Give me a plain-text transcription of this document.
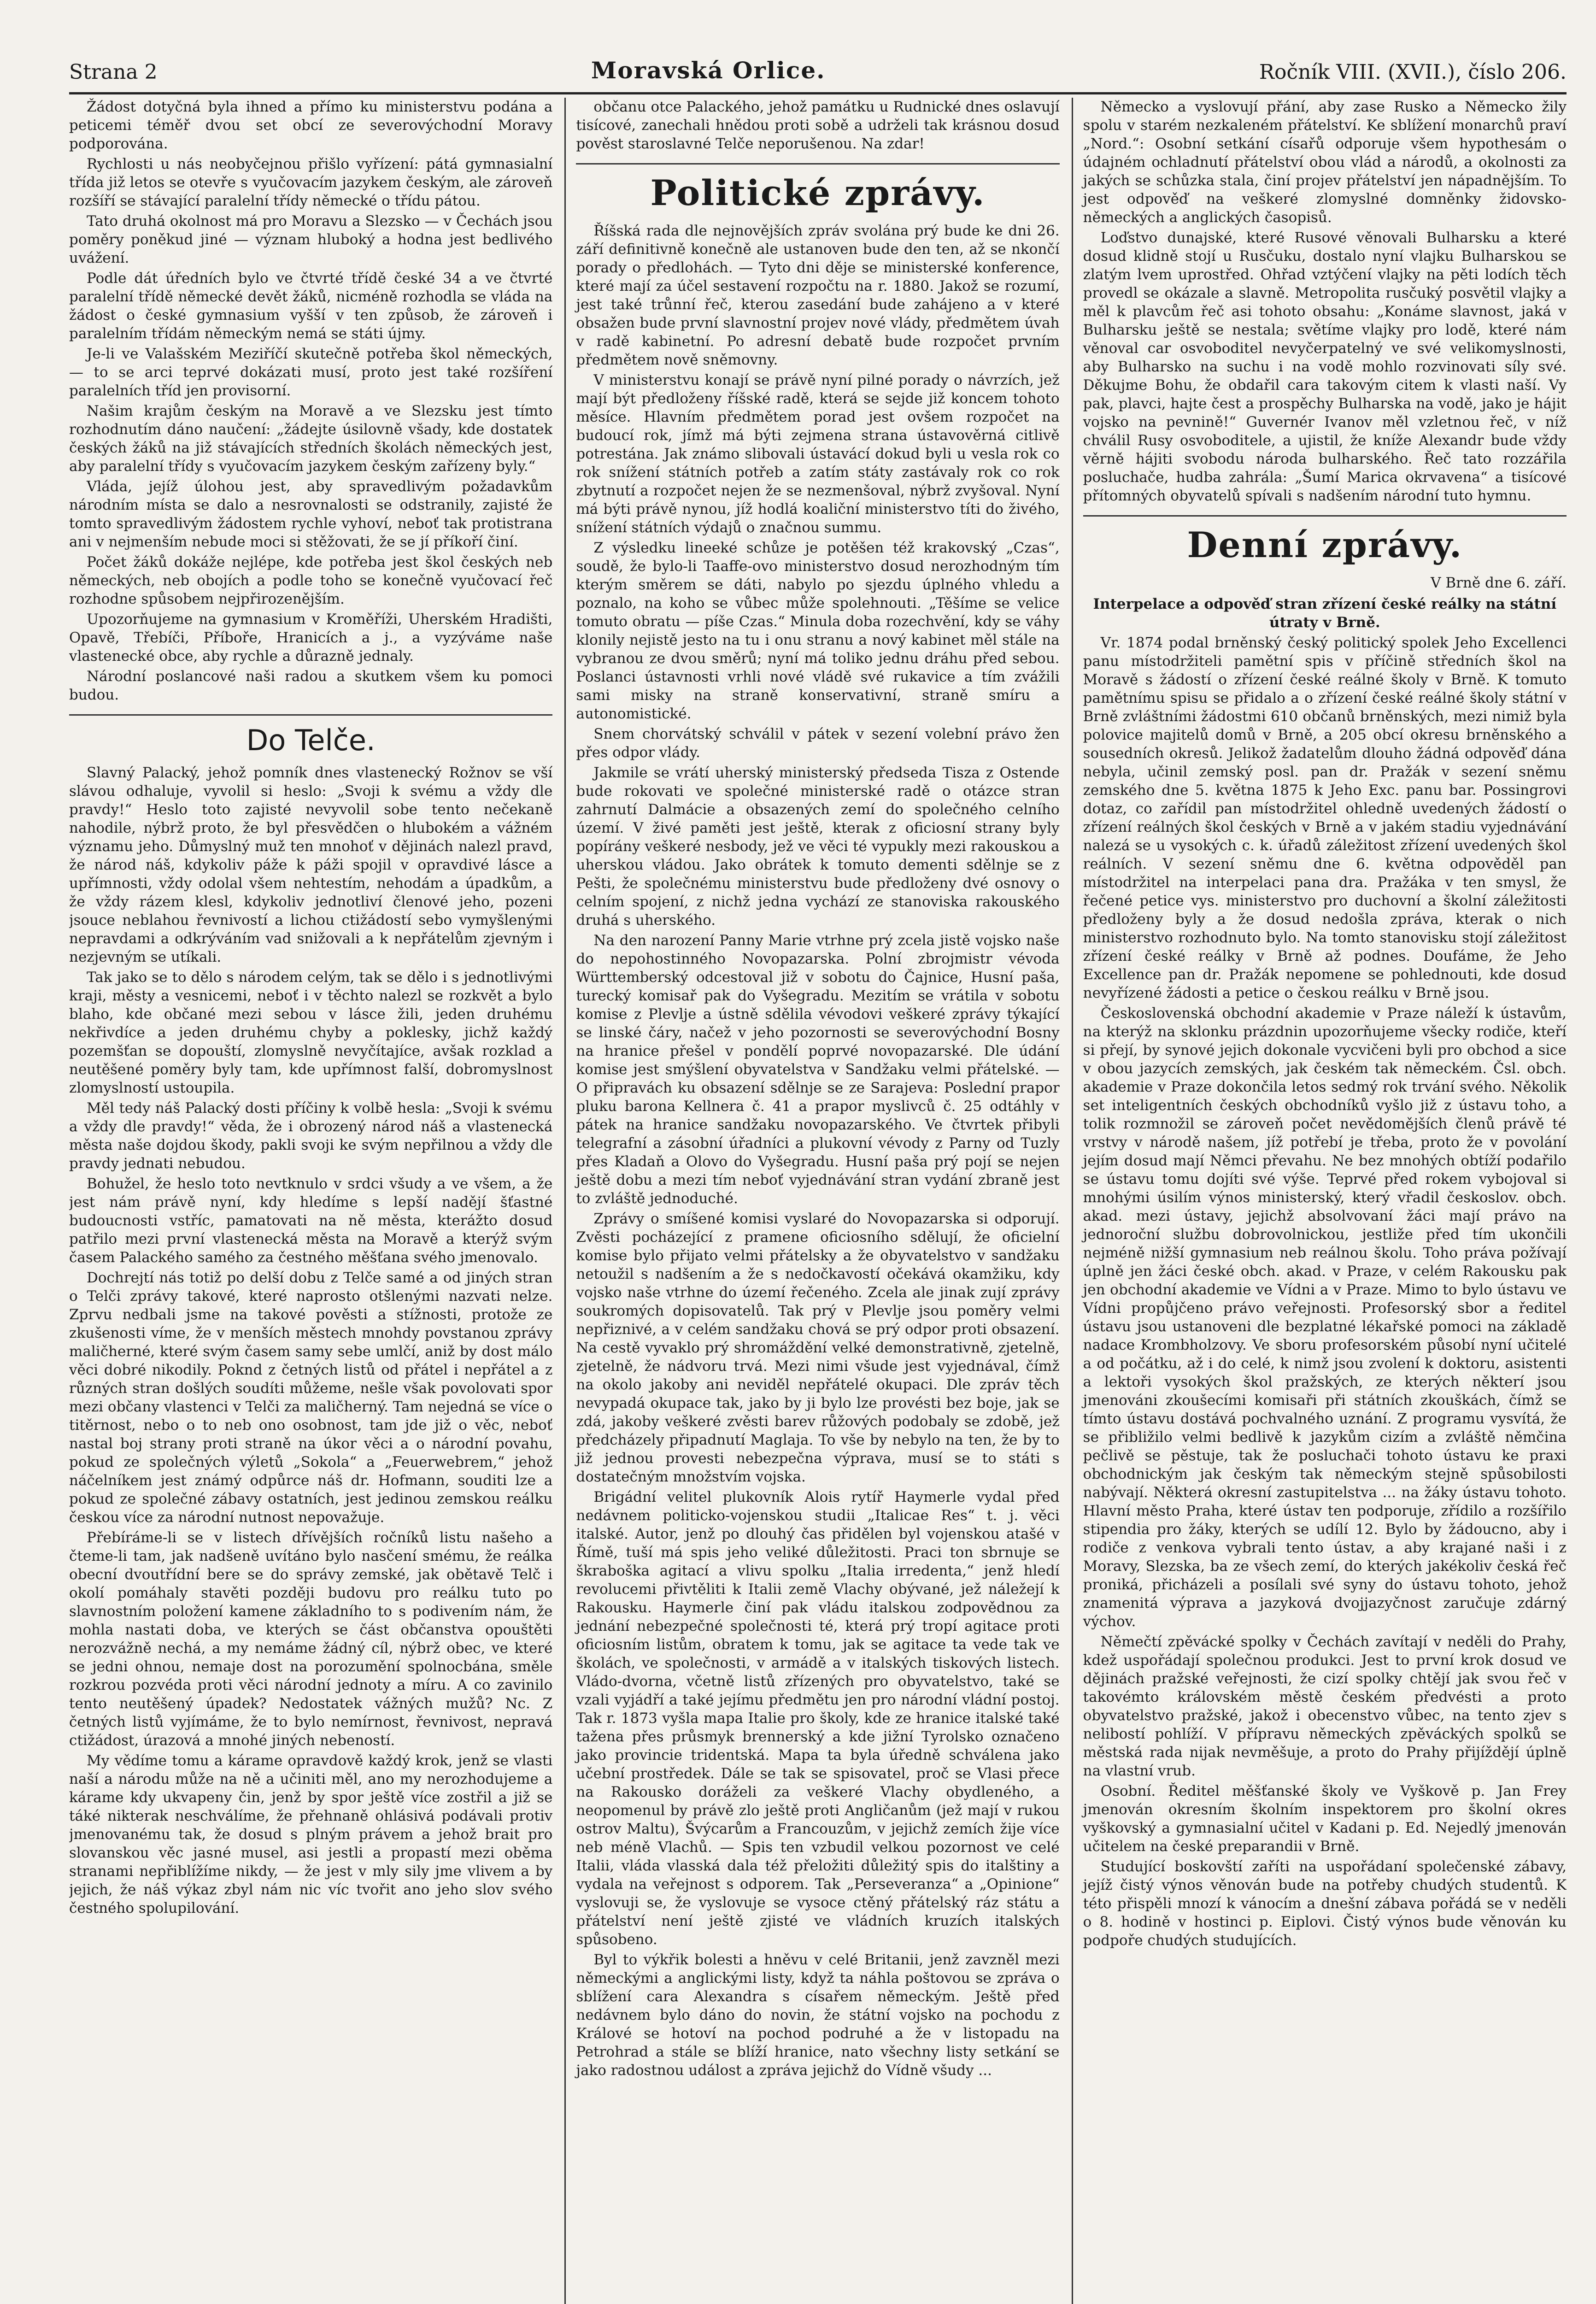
Strana 2	Moravská Orlice.	Ročník VIII. (XVII.), číslo 206.

Žádost dotyčná byla ihned a přímo ku ministerstvu podána a peticemi téměř dvou set obcí ze severovýchodní Moravy podporována.

Rychlosti u nás neobyčejnou přišlo vyřízení: pátá gymnasialní třída již letos se otevře s vyučovacím jazykem českým, ale zároveň rozšíří se stávající paralelní třídy německé o třídu pátou.

Tato druhá okolnost má pro Moravu a Slezsko — v Čechách jsou poměry poněkud jiné — význam hluboký a hodna jest bedlivého uvážení.

Podle dát úředních bylo ve čtvrté třídě české 34 a ve čtvrté paralelní třídě německé devět žáků, nicméně rozhodla se vláda na žádost o české gymnasium vyšší v ten způsob, že zároveň i paralelním třídám německým nemá se státi újmy.

Je-li ve Valašském Meziříčí skutečně potřeba škol německých, — to se arci teprvé dokázati musí, proto jest také rozšíření paralelních tříd jen provisorní.

Našim krajům českým na Moravě a ve Slezsku jest tímto rozhodnutím dáno naučení: „žádejte úsilovně všady, kde dostatek českých žáků na již stávajících středních školách německých jest, aby paralelní třídy s vyučovacím jazykem českým zařízeny byly.“

Vláda, jejíž úlohou jest, aby spravedlivým požadavkům národním místa se dalo a nesrovnalosti se odstranily, zajisté že tomto spravedlivým žádostem rychle vyhoví, neboť tak protistrana ani v nejmenším nebude moci si stěžovati, že se jí příkoří činí.

Počet žáků dokáže nejlépe, kde potřeba jest škol českých neb německých, neb obojích a podle toho se konečně vyučovací řeč rozhodne spůsobem nejpřirozenějším.

Upozorňujeme na gymnasium v Kroměříži, Uherském Hradišti, Opavě, Třebíči, Příboře, Hranicích a j., a vyzýváme naše vlastenecké obce, aby rychle a důrazně jednaly.

Národní poslancové naši radou a skutkem všem ku pomoci budou.

Do Telče.

Slavný Palacký, jehož pomník dnes vlastenecký Rožnov se vší slávou odhaluje, vyvolil si heslo: „Svoji k svému a vždy dle pravdy!“ Heslo toto zajisté nevyvolil sobe tento nečekaně nahodile, nýbrž proto, že byl přesvědčen o hlubokém a vážném významu jeho. Důmyslný muž ten mnohoť v dějinách nalezl pravd, že národ náš, kdykoliv páže k páži spojil v opravdivé lásce a upřímnosti, vždy odolal všem nehtestím, nehodám a úpadkům, a že vždy rázem klesl, kdykoliv jednotliví členové jeho, pozeni jsouce neblahou řevnivostí a lichou ctižádostí sebo vymyšlenými nepravdami a odkrýváním vad snižovali a k nepřátelům zjevným i nezjevným se utíkali.

Tak jako se to dělo s národem celým, tak se dělo i s jednotlivými kraji, městy a vesnicemi, neboť i v těchto nalezl se rozkvět a bylo blaho, kde občané mezi sebou v lásce žili, jeden druhému nekřivdíce a jeden druhému chyby a poklesky, jichž každý pozemšťan se dopouští, zlomyslně nevyčítajíce, avšak rozklad a neutěšené poměry byly tam, kde upřímnost falší, dobromyslnost zlomyslností ustoupila.

Měl tedy náš Palacký dosti příčiny k volbě hesla: „Svoji k svému a vždy dle pravdy!“ věda, že i obrozený národ náš a vlastenecká města naše dojdou škody, pakli svoji ke svým nepřilnou a vždy dle pravdy jednati nebudou.

Bohužel, že heslo toto nevtknulo v srdci všudy a ve všem, a že jest nám právě nyní, kdy hledíme s lepší nadějí šťastné budoucnosti vstříc, pamatovati na ně města, kterážto dosud patřilo mezi první vlastenecká města na Moravě a kterýž svým časem Palackého samého za čestného měšťana svého jmenovalo.

Dochrejtí nás totiž po delší dobu z Telče samé a od jiných stran o Telči zprávy takové, které naprosto otšlenými nazvati nelze. Zprvu nedbali jsme na takové pověsti a stížnosti, protože ze zkušenosti víme, že v menších městech mnohdy povstanou zprávy maličherné, které svým časem samy sebe umlčí, aniž by dost málo věci dobré nikodily. Poknd z četných listů od přátel i nepřátel a z různých stran došlých soudíti můžeme, nešle však povolovati spor mezi občany vlastenci v Telči za maličherný. Tam nejedná se více o titěrnost, nebo o to neb ono osobnost, tam jde již o věc, neboť nastal boj strany proti straně na úkor věci a o národní povahu, pokud ze společných výletů „Sokola“ a „Feuerwebrem,“ jehož náčelníkem jest známý odpůrce náš dr. Hofmann, souditi lze a pokud ze společné zábavy ostatních, jest jedinou zemskou reálku českou více za národní nutnost nepovažuje.

Přebíráme-li se v listech dřívějších ročníků listu našeho a čteme-li tam, jak nadšeně uvítáno bylo nasčení smému, že reálka obecní dvoutřídní bere se do správy zemské, jak obětavě Telč i okolí pomáhaly stavěti později budovu pro reálku tuto po slavnostním položení kamene základního to s podivením nám, že mohla nastati doba, ve kterých se část občanstva opouštěti nerozvážně nechá, a my nemáme žádný cíl, nýbrž obec, ve které se jedni ohnou, nemaje dost na porozumění spolnocbána, směle rozkrou pozvéda proti věci národní jednoty a míru. A co zavinilo tento neutěšený úpadek? Nedostatek vážných mužů? Nc. Z četných listů vyjímáme, že to bylo nemírnost, řevnivost, nepravá ctižádost, úrazová a mnohé jiných nebeností.

My vědíme tomu a kárame opravdově každý krok, jenž se vlasti naší a národu může na ně a učiniti měl, ano my nerozhodujeme a kárame kdy ukvapeny čin, jenž by spor ještě více zostřil a již se táké nikterak neschválíme, že přehnaně ohlásivá podávali protiv jmenovanému tak, že dosud s plným právem a jehož brait pro slovanskou věc jasné musel, asi jestli a propastí mezi oběma stranami nepřiblížíme nikdy, — že jest v mly sily jme vlivem a by jejich, že náš výkaz zbyl nám nic víc tvořit ano jeho slov svého čestného spolupilování.

občanu otce Palackého, jehož památku u Rudnické dnes oslavují tisícové, zanechali hnědou proti sobě a udrželi tak krásnou dosud pověst staroslavné Telče neporušenou. Na zdar!

Politické zprávy.

Říšská rada dle nejnovějších zpráv svolána prý bude ke dni 26. září definitivně konečně ale ustanoven bude den ten, až se nkončí porady o předlohách. — Tyto dni děje se ministerské konference, které mají za účel sestavení rozpočtu na r. 1880. Jakož se rozumí, jest také trůnní řeč, kterou zasedání bude zahájeno a v které obsažen bude první slavnostní projev nové vlády, předmětem úvah v radě kabinetní. Po adresní debatě bude rozpočet prvním předmětem nově sněmovny.

V ministerstvu konají se právě nyní pilné porady o návrzích, jež mají být předloženy říšské radě, která se sejde již koncem tohoto měsíce. Hlavním předmětem porad jest ovšem rozpočet na budoucí rok, jímž má býti zejmena strana ústavověrná citlivě potrestána. Jak známo slibovali ústavácí dokud byli u vesla rok co rok snížení státních potřeb a zatím státy zastávaly rok co rok zbytnutí a rozpočet nejen že se nezmenšoval, nýbrž zvyšoval. Nyní má býti právě nynou, jíž hodlá koaliční ministerstvo títi do živého, snížení státních výdajů o značnou summu.

Z výsledku lineeké schůze je potěšen též krakovský „Czas“, soudě, že bylo-li Taaffe-ovo ministerstvo dosud nerozhodným tím kterým směrem se dáti, nabylo po sjezdu úplného vhledu a poznalo, na koho se vůbec může spolehnouti. „Těšíme se velice tomuto obratu — píše Czas.“ Minula doba rozechvění, kdy se váhy klonily nejistě jesto na tu i onu stranu a nový kabinet měl stále na vybranou ze dvou směrů; nyní má toliko jednu dráhu před sebou. Poslanci ústavnosti vrhli nové vládě své rukavice a tím zvážili sami misky na straně konservativní, straně smíru a autonomistické.

Snem chorvátský schválil v pátek v sezení volební právo žen přes odpor vlády.

Jakmile se vrátí uherský ministerský předseda Tisza z Ostende bude rokovati ve společné ministerské radě o otázce stran zahrnutí Dalmácie a obsazených zemí do společného celního území. V živé paměti jest ještě, kterak z oficiosní strany byly popírány veškeré nesbody, jež ve věci té vypukly mezi rakouskou a uherskou vládou. Jako obrátek k tomuto dementi sdělnje se z Pešti, že společnému ministerstvu bude předloženy dvé osnovy o celním spojení, z nichž jedna vychází ze stanoviska rakouského druhá s uherského.

Na den narození Panny Marie vtrhne prý zcela jistě vojsko naše do nepohostinného Novopazarska. Polní zbrojmistr vévoda Württemberský odcestoval již v sobotu do Čajnice, Husní paša, turecký komisař pak do Vyšegradu. Mezitím se vrátila v sobotu komise z Plevlje a ústně sdělila vévodovi veškeré zprávy týkající se linské čáry, načež v jeho pozornosti se severovýchodní Bosny na hranice přešel v pondělí poprvé novopazarské. Dle údání komise jest smýšlení obyvatelstva v Sandžaku velmi přátelské. — O připravách ku obsazení sdělnje se ze Sarajeva: Poslední prapor pluku barona Kellnera č. 41 a prapor myslivců č. 25 odtáhly v pátek na hranice sandžaku novopazarského. Ve čtvrtek přibyli telegrafní a zásobní úřadníci a plukovní vévody z Parny od Tuzly přes Kladaň a Olovo do Vyšegradu. Husní paša prý pojí se nejen ještě dobu a mezi tím neboť vyjednávání stran vydání zbraně jest to zvláště jednoduché.

Zprávy o smíšené komisi vyslaré do Novopazarska si odporují. Zvěsti pocházející z pramene oficiosního sdělují, že oficielní komise bylo přijato velmi přátelsky a že obyvatelstvo v sandžaku netoužil s nadšením a že s nedočkavostí očekává okamžiku, kdy vojsko naše vtrhne do území řečeného. Zcela ale jinak zují zprávy soukromých dopisovatelů. Tak prý v Plevlje jsou poměry velmi nepřiznivé, a v celém sandžaku chová se prý odpor proti obsazení. Na cestě vyvaklo prý shromáždění velké demonstrativně, zjetelně, zjetelně, že nádvoru trvá. Mezi nimi všude jest vyjednával, čímž na okolo jakoby ani neviděl nepřátelé okupaci. Dle zpráv těch nevypadá okupace tak, jako by ji bylo lze provésti bez boje, jak se zdá, jakoby veškeré zvěsti barev růžových podobaly se zdobě, jež předcházely připadnutí Maglaja. To vše by nebylo na ten, že by to již jednou provesti nebezpečna výprava, musí se to státi s dostatečným množstvím vojska.

Brigádní velitel plukovník Alois rytíř Haymerle vydal před nedávnem politicko-vojenskou studii „Italicae Res“ t. j. věci italské. Autor, jenž po dlouhý čas přidělen byl vojenskou atašé v Římě, tuší má spis jeho veliké důležitosti. Praci ton sbrnuje se škraboška agitací a vlivu spolku „Italia irredenta,“ jenž hledí revolucemi přivtěliti k Italii země Vlachy obývané, jež náležejí k Rakousku. Haymerle činí pak vládu italskou zodpovědnou za jednání nebezpečné společnosti té, která prý tropí agitace proti oficiosním listům, obratem k tomu, jak se agitace ta vede tak ve školách, ve společnosti, v armádě a v italských tiskových listech. Vládo-dvorna, včetně listů zřízených pro obyvatelstvo, také se vzali vyjádří a také jejímu předmětu jen pro národní vládní postoj. Tak r. 1873 vyšla mapa Italie pro školy, kde ze hranice italské také tažena přes průsmyk brennerský a kde jižní Tyrolsko označeno jako provincie tridentská. Mapa ta byla úředně schválena jako učební prostředek. Dále se tak se spisovatel, proč se Vlasi přece na Rakousko doráželi za veškeré Vlachy obydleného, a neopomenul by právě zlo ještě proti Angličanům (jež mají v rukou ostrov Maltu), Švýcarům a Francouzům, v jejichž zemích žije více neb méně Vlachů. — Spis ten vzbudil velkou pozornost ve celé Italii, vláda vlasská dala též přeložiti důležitý spis do italštiny a vydala na veřejnost s odporem. Tak „Perseveranza“ a „Opinione“ vyslovuji se, že vyslovuje se vysoce ctěný přátelský ráz státu a přátelství není ještě zjisté ve vládních kruzích italských spůsobeno.

Byl to výkřik bolesti a hněvu v celé Britanii, jenž zavzněl mezi německými a anglickými listy, když ta náhla poštovou se zpráva o sblížení cara Alexandra s císařem německým. Ještě před nedávnem bylo dáno do novin, že státní vojsko na pochodu z Králové se hotoví na pochod podruhé a že v listopadu na Petrohrad a stále se blíží hranice, nato všechny listy setkání se jako radostnou událost a zpráva jejichž do Vídně všudy ...

Německo a vyslovují přání, aby zase Rusko a Německo žily spolu v starém nezkaleném přátelství. Ke sblížení monarchů praví „Nord.“: Osobní setkání císařů odporuje všem hypothesám o údajném ochladnutí přátelství obou vlád a národů, a okolnosti za jakých se schůzka stala, činí projev přátelství jen nápadnějším. To jest odpověď na veškeré zlomyslné domněnky židovsko-německých a anglických časopisů.

Loďstvo dunajské, které Rusové věnovali Bulharsku a které dosud klidně stojí u Rusčuku, dostalo nyní vlajku Bulharskou se zlatým lvem uprostřed. Ohřad vztýčení vlajky na pěti lodích těch provedl se okázale a slavně. Metropolita rusčuký posvětil vlajky a měl k plavcům řeč asi tohoto obsahu: „Konáme slavnost, jaká v Bulharsku ještě se nestala; světíme vlajky pro lodě, které nám věnoval car osvoboditel nevyčerpatelný ve své velikomyslnosti, aby Bulharsko na suchu i na vodě mohlo rozvinovati síly své. Děkujme Bohu, že obdařil cara takovým citem k vlasti naší. Vy pak, plavci, hajte čest a prospěchy Bulharska na vodě, jako je hájit vojsko na pevnině!“ Guvernér Ivanov měl vzletnou řeč, v níž chválil Rusy osvoboditele, a ujistil, že kníže Alexandr bude vždy věrně hájiti svobodu národa bulharského. Řeč tato rozzářila posluchače, hudba zahrála: „Šumí Marica okrvavena“ a tisícové přítomných obyvatelů spívali s nadšením národní tuto hymnu.

Denní zprávy.
V Brně dne 6. září.

Interpelace a odpověď stran zřízení české reálky na státní útraty v Brně.

Vr. 1874 podal brněnský český politický spolek Jeho Excellenci panu místodržiteli pamětní spis v příčině středních škol na Moravě s žádostí o zřízení české reálné školy v Brně. K tomuto pamětnímu spisu se přidalo a o zřízení české reálné školy státní v Brně zvláštními žádostmi 610 občanů brněnských, mezi nimiž byla polovice majitelů domů v Brně, a 205 obcí okresu brněnského a sousedních okresů. Jelikož žadatelům dlouho žádná odpověď dána nebyla, učinil zemský posl. pan dr. Pražák v sezení sněmu zemského dne 5. května 1875 k Jeho Exc. panu bar. Possingrovi dotaz, co zařídil pan místodržitel ohledně uvedených žádostí o zřízení reálných škol českých v Brně a v jakém stadiu vyjednávání nalezá se u vysokých c. k. úřadů záležitost zřízení uvedených škol reálních. V sezení sněmu dne 6. května odpověděl pan místodržitel na interpelaci pana dra. Pražáka v ten smysl, že řečené petice vys. ministerstvo pro duchovní a školní záležitosti předloženy byly a že dosud nedošla zpráva, kterak o nich ministerstvo rozhodnuto bylo. Na tomto stanovisku stojí záležitost zřízení české reálky v Brně až podnes. Doufáme, že Jeho Excellence pan dr. Pražák nepomene se pohlednouti, kde dosud nevyřízené žádosti a petice o českou reálku v Brně jsou.

Československá obchodní akademie v Praze náleží k ústavům, na kterýž na sklonku prázdnin upozorňujeme všecky rodiče, kteří si přejí, by synové jejich dokonale vycvičeni byli pro obchod a sice v obou jazycích zemských, jak českém tak německém. Čsl. obch. akademie v Praze dokončila letos sedmý rok trvání svého. Několik set inteligentních českých obchodníků vyšlo již z ústavu toho, a tolik rozmnožil se zároveň počet nevědomějších členů právě té vrstvy v národě našem, jíž potřebí je třeba, proto že v povolání jejím dosud mají Němci převahu. Ne bez mnohých obtíží podařilo se ústavu tomu dojíti své výše. Teprvé před rokem vybojoval si mnohými úsilím výnos ministerský, který vřadil českoslov. obch. akad. mezi ústavy, jejichž absolvovaní žáci mají právo na jednoroční službu dobrovolnickou, jestliže před tím ukončili nejméně nižší gymnasium neb reálnou školu. Toho práva požívají úplně jen žáci české obch. akad. v Praze, v celém Rakousku pak jen obchodní akademie ve Vídni a v Praze. Mimo to bylo ústavu ve Vídni propůjčeno právo veřejnosti. Profesorský sbor a ředitel ústavu jsou ustanoveni dle bezplatné lékařské pomoci na základě nadace Krombholzovy. Ve sboru profesorském působí nyní učitelé a od počátku, až i do celé, k nimž jsou zvolení k doktoru, asistenti a lektoři vysokých škol pražských, ze kterých některí jsou jmenováni zkoušecími komisaři při státních zkouškách, čímž se tímto ústavu dostává pochvalného uznání. Z programu vysvítá, že se přibližilo velmi bedlivě k jazykům cizím a zvláště němčina pečlivě se pěstuje, tak že posluchači tohoto ústavu ke praxi obchodnickým jak českým tak německým stejně spůsobilosti nabývají. Některá okresní zastupitelstva ... na žáky ústavu tohoto. Hlavní město Praha, které ústav ten podporuje, zřídilo a rozšířilo stipendia pro žáky, kterých se udílí 12. Bylo by žádoucno, aby i rodiče z venkova vybrali tento ústav, a aby krajané naši i z Moravy, Slezska, ba ze všech zemí, do kterých jakékoliv česká řeč proniká, přicházeli a posílali své syny do ústavu tohoto, jehož znamenitá výprava a jazyková dvojjazyčnost zaručuje zdárný výchov.

Němečtí zpěvácké spolky v Čechách zavítají v neděli do Prahy, kdež uspořádají společnou produkci. Jest to první krok dosud ve dějinách pražské veřejnosti, že cizí spolky chtějí jak svou řeč v takovémto královském městě českém předvésti a proto obyvatelstvo pražské, jakož i obecenstvo vůbec, na tento zjev s nelibostí pohlíží. V přípravu německých zpěváckých spolků se městská rada nijak nevměšuje, a proto do Prahy přijíždějí úplně na vlastní vrub.

Osobní. Ředitel měšťanské školy ve Vyškově p. Jan Frey jmenován okresním školním inspektorem pro školní okres vyškovský a gymnasialní učitel v Kadani p. Ed. Nejedlý jmenován učitelem na české preparandii v Brně.

Studující boskovští zaříti na uspořádaní společenské zábavy, jejíž čistý výnos věnován bude na potřeby chudých studentů. K této přispěli mnozí k vánocím a dnešní zábava pořádá se v neděli o 8. hodině v hostinci p. Eiplovi. Čistý výnos bude věnován ku podpoře chudých studujících.
